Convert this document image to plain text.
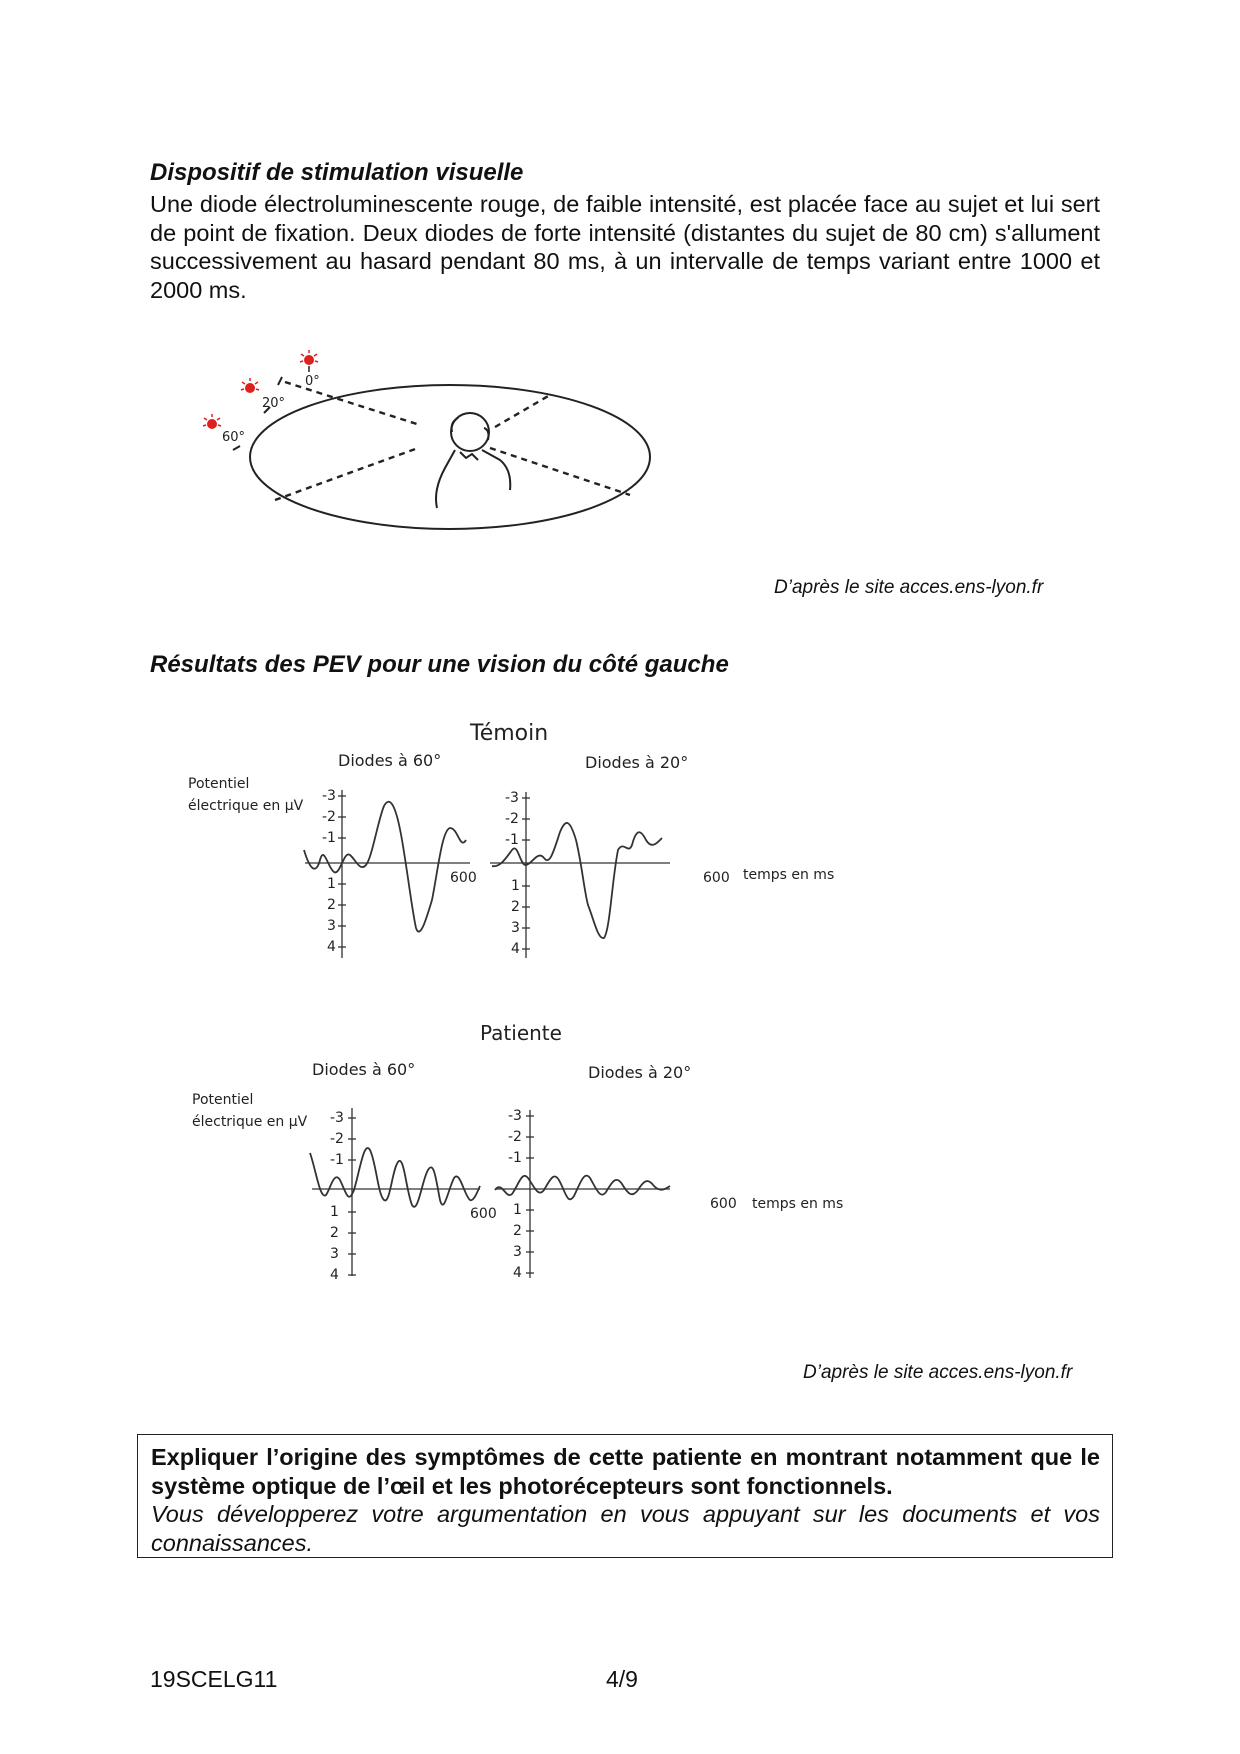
Dispositif de stimulation visuelle
Une diode électroluminescente rouge, de faible intensité, est placée face au sujet et lui sert de point de fixation. Deux diodes de forte intensité (distantes du sujet de 80 cm) s'allument successivement au hasard pendant 80 ms, à un intervalle de temps variant entre 1000 et 2000 ms.
0°
20°
60°
D’après le site acces.ens-lyon.fr
Résultats des PEV pour une vision du côté gauche
Témoin
Diodes à 60°	Diodes à 20°
Potentiel
électrique en µV
-3
-2
-1
1
2
3
4
600
-3
-2
-1
1
2
3
4
600 temps en ms
Patiente
Diodes à 60°	Diodes à 20°
Potentiel
électrique en µV -3
-2
-1
1
2
3
4
600
-3
-2
-1
1
2
3
4
600 temps en ms
D’après le site acces.ens-lyon.fr
Expliquer l’origine des symptômes de cette patiente en montrant notamment que le système optique de l’œil et les photorécepteurs sont fonctionnels.
Vous développerez votre argumentation en vous appuyant sur les documents et vos connaissances.
19SCELG11	4/9
